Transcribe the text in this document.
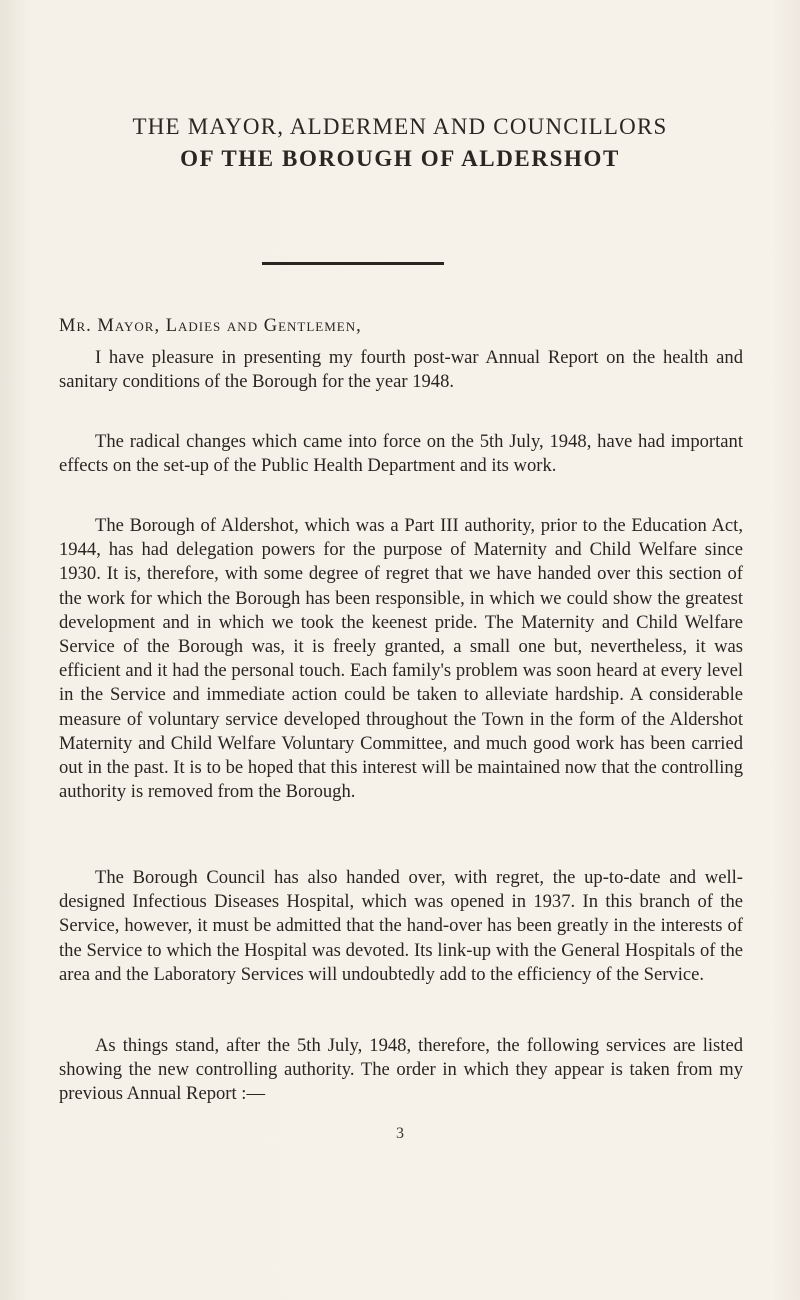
THE MAYOR, ALDERMEN AND COUNCILLORS
OF THE BOROUGH OF ALDERSHOT
Mr. Mayor, Ladies and Gentlemen,

I have pleasure in presenting my fourth post-war Annual Report on the health and sanitary conditions of the Borough for the year 1948.

The radical changes which came into force on the 5th July, 1948, have had important effects on the set-up of the Public Health Department and its work.

The Borough of Aldershot, which was a Part III authority, prior to the Education Act, 1944, has had delegation powers for the purpose of Maternity and Child Welfare since 1930. It is, therefore, with some degree of regret that we have handed over this section of the work for which the Borough has been responsible, in which we could show the greatest development and in which we took the keenest pride. The Maternity and Child Welfare Service of the Borough was, it is freely granted, a small one but, nevertheless, it was efficient and it had the personal touch. Each family's problem was soon heard at every level in the Service and immediate action could be taken to alleviate hardship. A considerable measure of voluntary service developed throughout the Town in the form of the Aldershot Maternity and Child Welfare Voluntary Committee, and much good work has been carried out in the past. It is to be hoped that this interest will be maintained now that the controlling authority is removed from the Borough.

The Borough Council has also handed over, with regret, the up-to-date and well-designed Infectious Diseases Hospital, which was opened in 1937. In this branch of the Service, however, it must be admitted that the hand-over has been greatly in the interests of the Service to which the Hospital was devoted. Its link-up with the General Hospitals of the area and the Laboratory Services will undoubtedly add to the efficiency of the Service.

As things stand, after the 5th July, 1948, therefore, the following services are listed showing the new controlling authority. The order in which they appear is taken from my previous Annual Report :—

3
